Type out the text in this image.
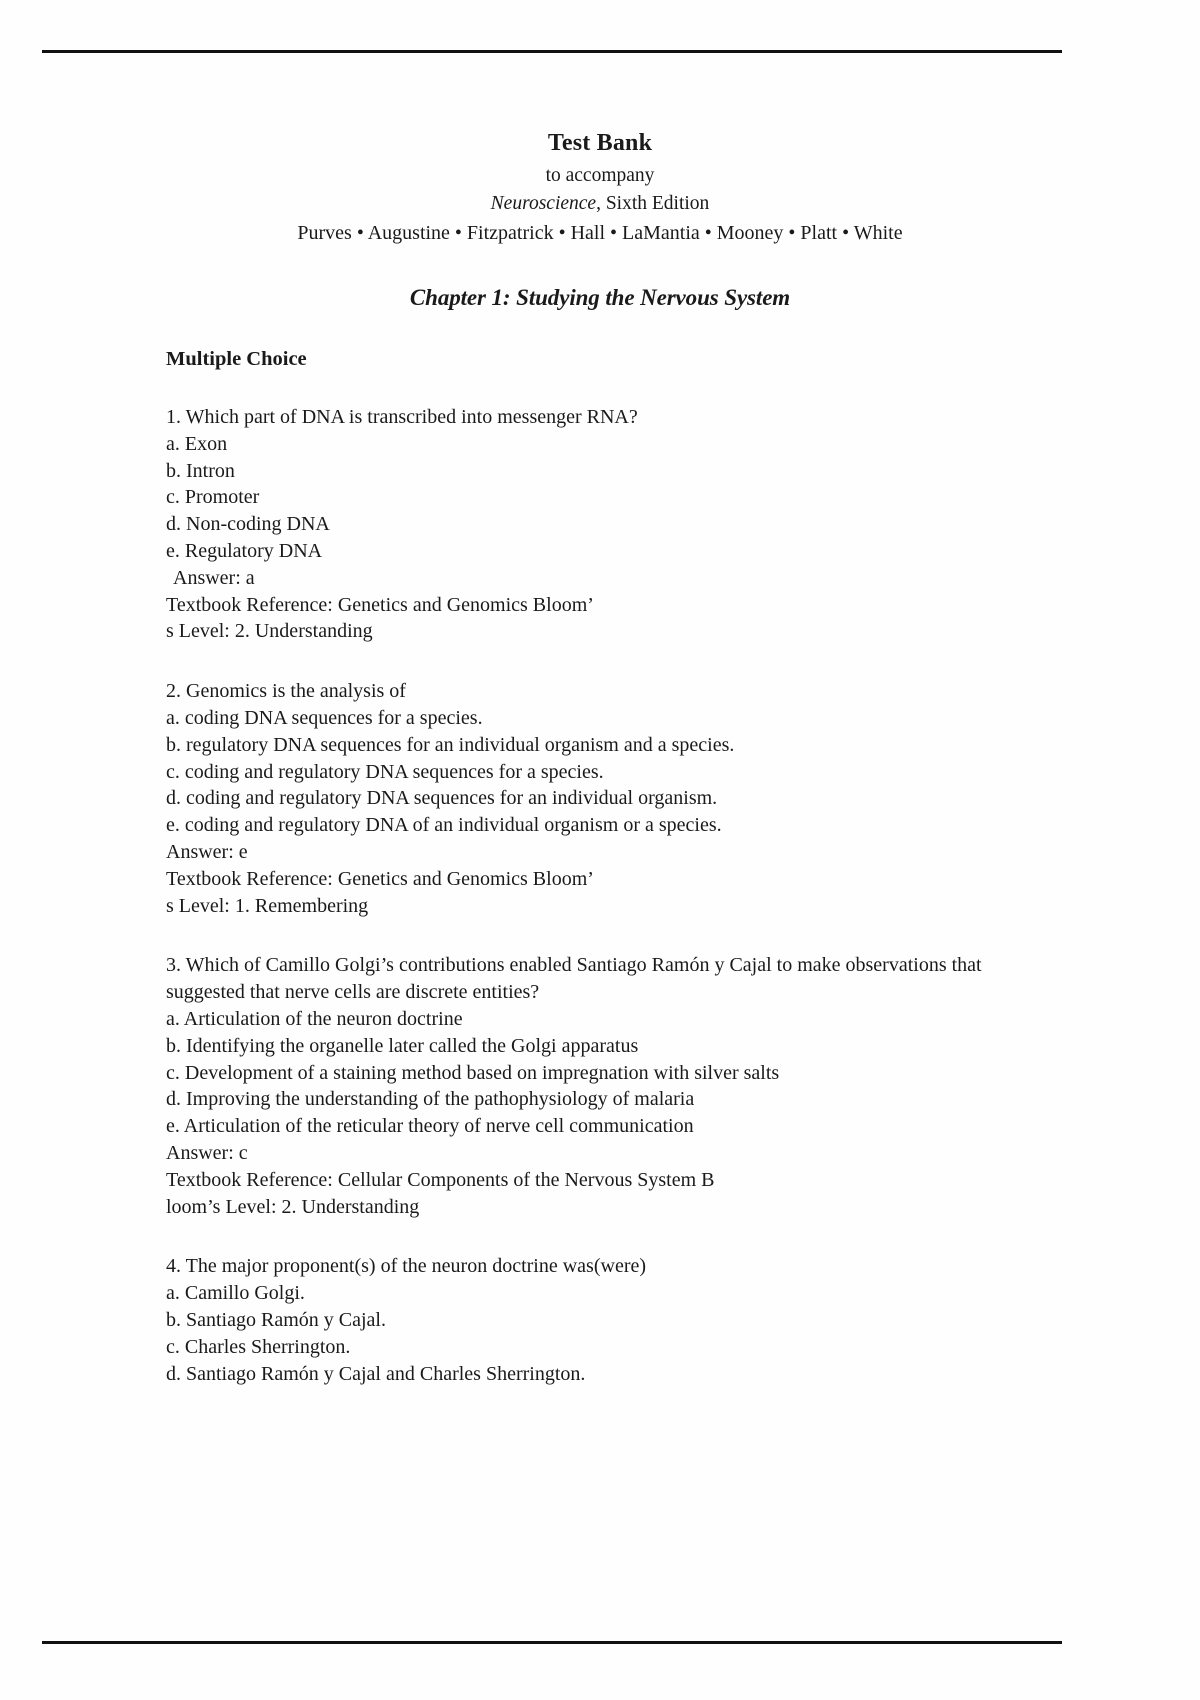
Test Bank
to accompany
Neuroscience, Sixth Edition
Purves • Augustine • Fitzpatrick • Hall • LaMantia • Mooney • Platt • White
Chapter 1: Studying the Nervous System
Multiple Choice
1. Which part of DNA is transcribed into messenger RNA?
a. Exon
b. Intron
c. Promoter
d. Non-coding DNA
e. Regulatory DNA
Answer: a
Textbook Reference: Genetics and Genomics Bloom’
s Level: 2. Understanding
2. Genomics is the analysis of
a. coding DNA sequences for a species.
b. regulatory DNA sequences for an individual organism and a species.
c. coding and regulatory DNA sequences for a species.
d. coding and regulatory DNA sequences for an individual organism.
e. coding and regulatory DNA of an individual organism or a species.
Answer: e
Textbook Reference: Genetics and Genomics Bloom’
s Level: 1. Remembering
3. Which of Camillo Golgi’s contributions enabled Santiago Ramón y Cajal to make observations that suggested that nerve cells are discrete entities?
a. Articulation of the neuron doctrine
b. Identifying the organelle later called the Golgi apparatus
c. Development of a staining method based on impregnation with silver salts
d. Improving the understanding of the pathophysiology of malaria
e. Articulation of the reticular theory of nerve cell communication
Answer: c
Textbook Reference: Cellular Components of the Nervous System B
loom’s Level: 2. Understanding
4. The major proponent(s) of the neuron doctrine was(were)
a. Camillo Golgi.
b. Santiago Ramón y Cajal.
c. Charles Sherrington.
d. Santiago Ramón y Cajal and Charles Sherrington.
